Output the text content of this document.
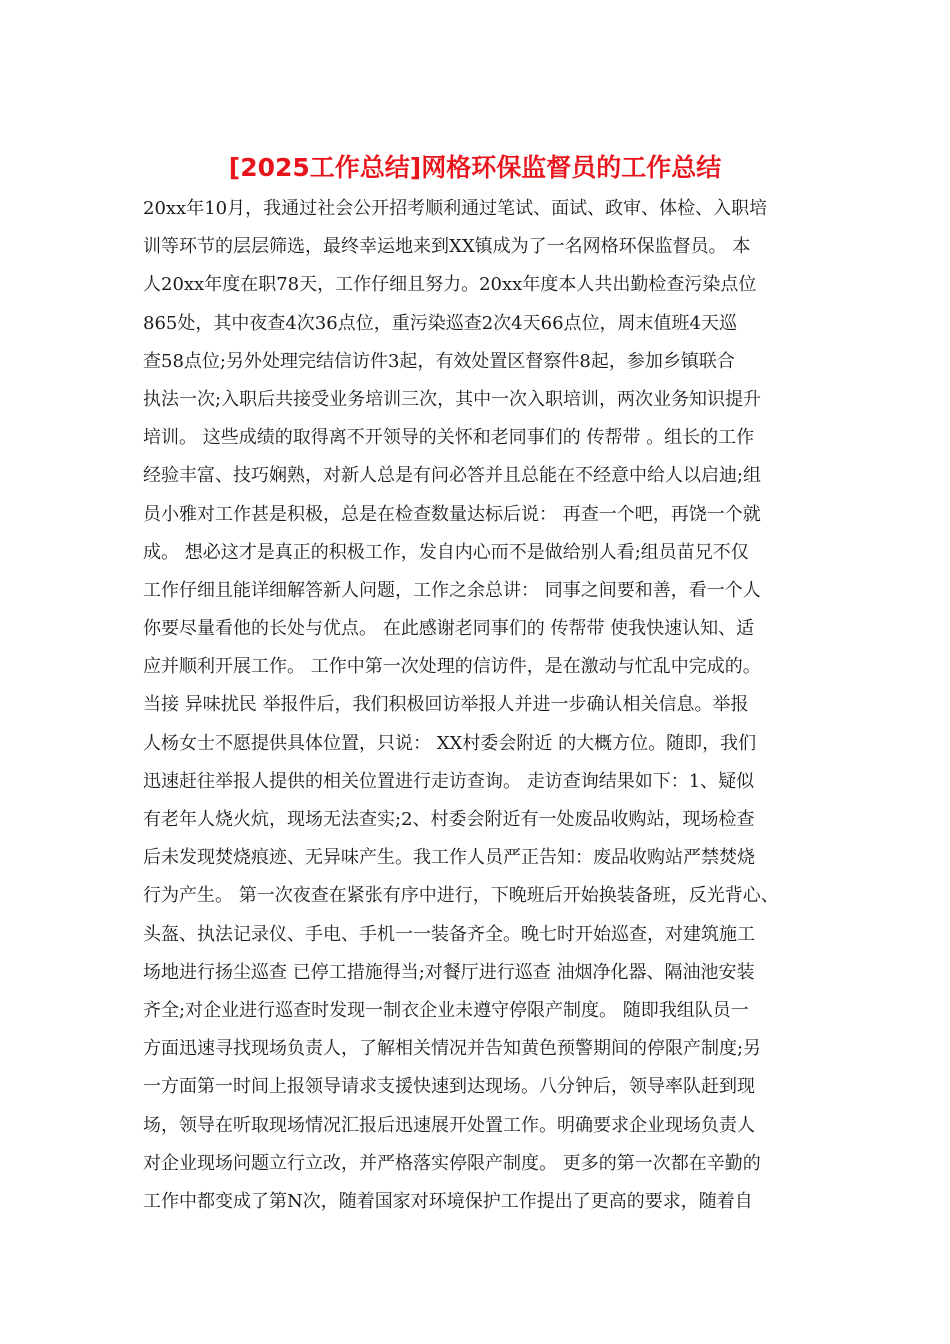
[2025工作总结]网格环保监督员的工作总结
20xx年10月，我通过社会公开招考顺利通过笔试、面试、政审、体检、入职培
训等环节的层层筛选，最终幸运地来到XX镇成为了一名网格环保监督员。 本
人20xx年度在职78天，工作仔细且努力。20xx年度本人共出勤检查污染点位
865处，其中夜查4次36点位，重污染巡查2次4天66点位，周末值班4天巡
查58点位;另外处理完结信访件3起，有效处置区督察件8起，参加乡镇联合
执法一次;入职后共接受业务培训三次，其中一次入职培训，两次业务知识提升
培训。 这些成绩的取得离不开领导的关怀和老同事们的 传帮带 。组长的工作
经验丰富、技巧娴熟，对新人总是有问必答并且总能在不经意中给人以启迪;组
员小雅对工作甚是积极，总是在检查数量达标后说： 再查一个吧，再饶一个就
成。 想必这才是真正的积极工作，发自内心而不是做给别人看;组员苗兄不仅
工作仔细且能详细解答新人问题，工作之余总讲： 同事之间要和善，看一个人
你要尽量看他的长处与优点。 在此感谢老同事们的 传帮带 使我快速认知、适
应并顺利开展工作。 工作中第一次处理的信访件，是在激动与忙乱中完成的。
当接 异味扰民 举报件后，我们积极回访举报人并进一步确认相关信息。举报
人杨女士不愿提供具体位置，只说： XX村委会附近 的大概方位。随即，我们
迅速赶往举报人提供的相关位置进行走访查询。 走访查询结果如下：1、疑似
有老年人烧火炕，现场无法查实;2、村委会附近有一处废品收购站，现场检查
后未发现焚烧痕迹、无异味产生。我工作人员严正告知：废品收购站严禁焚烧
行为产生。 第一次夜查在紧张有序中进行，下晚班后开始换装备班，反光背心、
头盔、执法记录仪、手电、手机一一装备齐全。晚七时开始巡查，对建筑施工
场地进行扬尘巡查 已停工措施得当;对餐厅进行巡查 油烟净化器、隔油池安装
齐全;对企业进行巡查时发现一制衣企业未遵守停限产制度。 随即我组队员一
方面迅速寻找现场负责人，了解相关情况并告知黄色预警期间的停限产制度;另
一方面第一时间上报领导请求支援快速到达现场。八分钟后，领导率队赶到现
场，领导在听取现场情况汇报后迅速展开处置工作。明确要求企业现场负责人
对企业现场问题立行立改，并严格落实停限产制度。 更多的第一次都在辛勤的
工作中都变成了第N次，随着国家对环境保护工作提出了更高的要求，随着自
